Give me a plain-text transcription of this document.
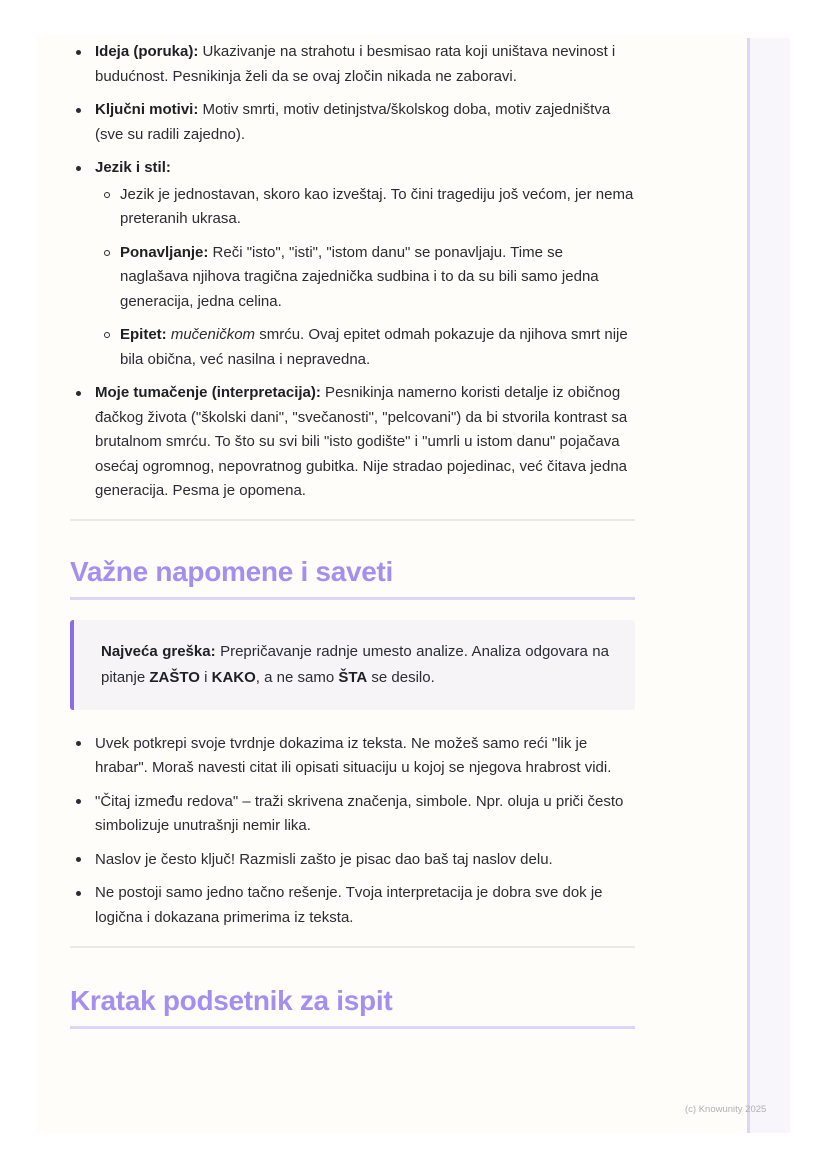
Ideja (poruka): Ukazivanje na strahotu i besmisao rata koji uništava nevinost i budućnost. Pesnikinja želi da se ovaj zločin nikada ne zaboravi.
Ključni motivi: Motiv smrti, motiv detinjstva/školskog doba, motiv zajedništva (sve su radili zajedno).
Jezik i stil:
Jezik je jednostavan, skoro kao izveštaj. To čini tragediju još većom, jer nema preteranih ukrasa.
Ponavljanje: Reči "isto", "isti", "istom danu" se ponavljaju. Time se naglašava njihova tragična zajednička sudbina i to da su bili samo jedna generacija, jedna celina.
Epitet: mučeničkom smrću. Ovaj epitet odmah pokazuje da njihova smrt nije bila obična, već nasilna i nepravedna.
Moje tumačenje (interpretacija): Pesnikinja namerno koristi detalje iz običnog đačkog života ("školski dani", "svečanosti", "pelcovani") da bi stvorila kontrast sa brutalnom smrću. To što su svi bili "isto godište" i "umrli u istom danu" pojačava osećaj ogromnog, nepovratnog gubitka. Nije stradao pojedinac, već čitava jedna generacija. Pesma je opomena.
Važne napomene i saveti
Najveća greška: Prepričavanje radnje umesto analize. Analiza odgovara na pitanje ZAŠTO i KAKO, a ne samo ŠTA se desilo.
Uvek potkrepi svoje tvrdnje dokazima iz teksta. Ne možeš samo reći "lik je hrabar". Moraš navesti citat ili opisati situaciju u kojoj se njegova hrabrost vidi.
"Čitaj između redova" – traži skrivena značenja, simbole. Npr. oluja u priči često simbolizuje unutrašnji nemir lika.
Naslov je često ključ! Razmisli zašto je pisac dao baš taj naslov delu.
Ne postoji samo jedno tačno rešenje. Tvoja interpretacija je dobra sve dok je logična i dokazana primerima iz teksta.
Kratak podsetnik za ispit
(c) Knowunity 2025
